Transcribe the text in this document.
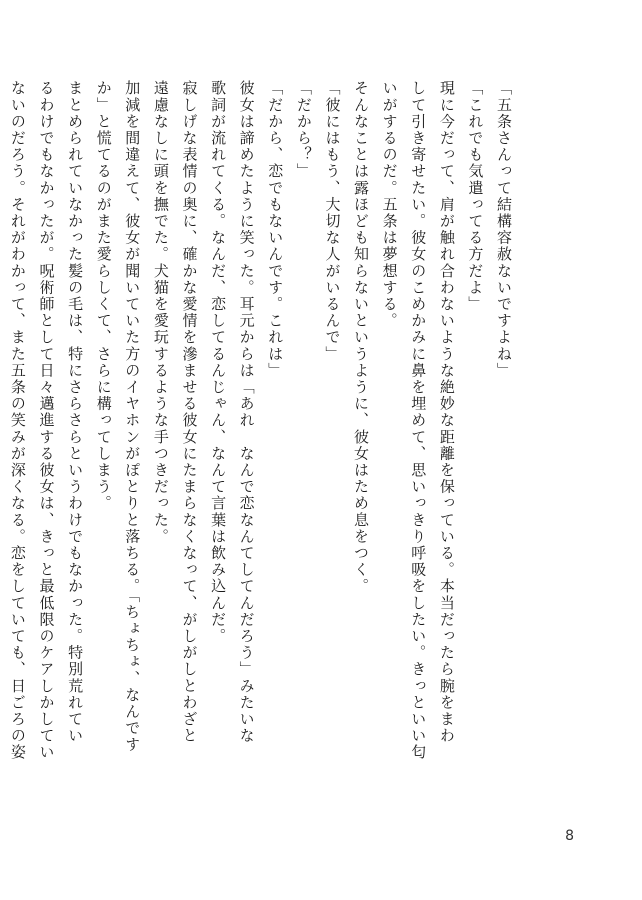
「五条さんって結構容赦ないですよね」
「これでも気遣ってる方だよ」
現に今だって、肩が触れ合わないような絶妙な距離を保っている。本当だったら腕をまわ
して引き寄せたい。彼女のこめかみに鼻を埋めて、思いっきり呼吸をしたい。きっといい匂
いがするのだ。五条は夢想する。
そんなことは露ほども知らないというように、彼女はため息をつく。
「彼にはもう、大切な人がいるんで」
「だから？」
「だから、恋でもないんです。これは」
彼女は諦めたように笑った。耳元からは「あれ　なんで恋なんてしてんだろう」みたいな
歌詞が流れてくる。なんだ、恋してるんじゃん、なんて言葉は飲み込んだ。
寂しげな表情の奥に、確かな愛情を滲ませる彼女にたまらなくなって、がしがしとわざと
遠慮なしに頭を撫でた。犬猫を愛玩するような手つきだった。
加減を間違えて、彼女が聞いていた方のイヤホンがぽとりと落ちる。「ちょちょ、なんです
か」と慌てるのがまた愛らしくて、さらに構ってしまう。
まとめられていなかった髪の毛は、特にさらさらというわけでもなかった。特別荒れてい
るわけでもなかったが。呪術師として日々邁進する彼女は、きっと最低限のケアしかしてい
ないのだろう。それがわかって、また五条の笑みが深くなる。恋をしていても、日ごろの姿
8
